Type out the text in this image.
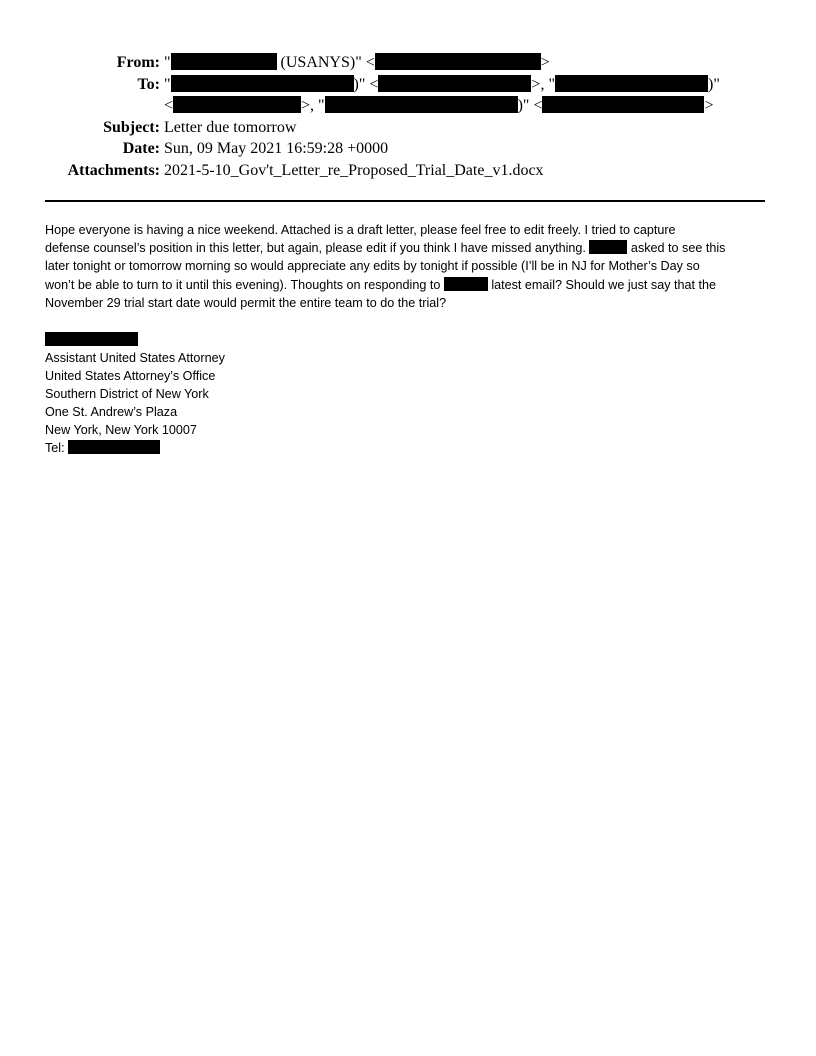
From: "	(USANYS)" <	>
To: "	)" <	>, "	)"
<	>, "	)" <	>
Subject: Letter due tomorrow
Date: Sun, 09 May 2021 16:59:28 +0000
Attachments: 2021-5-10_Gov't_Letter_re_Proposed_Trial_Date_v1.docx

Hope everyone is having a nice weekend. Attached is a draft letter, please feel free to edit freely. I tried to capture
defense counsel’s position in this letter, but again, please edit if you think I have missed anything.	asked to see this
later tonight or tomorrow morning so would appreciate any edits by tonight if possible (I’ll be in NJ for Mother’s Day so
won’t be able to turn to it until this evening). Thoughts on responding to	latest email? Should we just say that the
November 29 trial start date would permit the entire team to do the trial?

Assistant United States Attorney
United States Attorney’s Office
Southern District of New York
One St. Andrew’s Plaza
New York, New York 10007
Tel:
